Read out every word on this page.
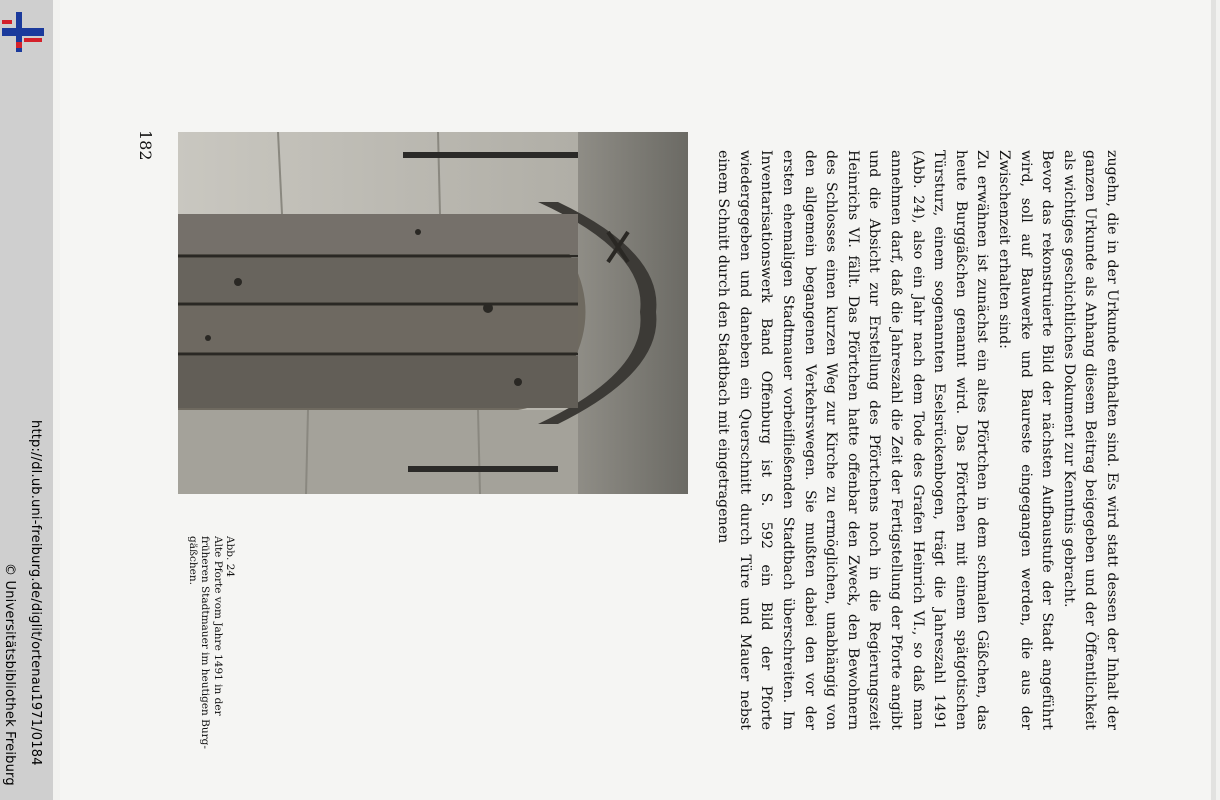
http://dl.ub.uni-freiburg.de/diglit/ortenau1971/0184
© Universitätsbibliothek Freiburg	zugehn, die in der Urkunde enthalten sind. Es wird statt dessen der Inhalt der ganzen Urkunde als Anhang diesem Beitrag beigegeben und der Öffentlichkeit als wichtiges geschichtliches Dokument zur Kenntnis gebracht.

Bevor das rekonstruierte Bild der nächsten Aufbaustufe der Stadt angeführt wird, soll auf Bauwerke und Baureste eingegangen werden, die aus der Zwischenzeit erhalten sind:

Zu erwähnen ist zunächst ein altes Pförtchen in dem schmalen Gäßchen, das heute Burggäßchen genannt wird. Das Pförtchen mit einem spätgotischen Türsturz, einem sogenannten Eselsrückenbogen, trägt die Jahreszahl 1491 (Abb. 24), also ein Jahr nach dem Tode des Grafen Heinrich VI., so daß man annehmen darf, daß die Jahreszahl die Zeit der Fertigstellung der Pforte angibt und die Absicht zur Erstellung des Pförtchens noch in die Regierungszeit Heinrichs VI. fällt. Das Pförtchen hatte offenbar den Zweck, den Bewohnern des Schlosses einen kurzen Weg zur Kirche zu ermöglichen, unabhängig von den allgemein begangenen Verkehrswegen. Sie mußten dabei den vor der ersten ehemaligen Stadtmauer vorbeifließenden Stadtbach überschreiten. Im Inventarisationswerk Band Offenburg ist S. 592 ein Bild der Pforte wiedergegeben und daneben ein Querschnitt durch Türe und Mauer nebst einem Schnitt durch den Stadtbach mit eingetragenen

182
Abb. 24
Alte Pforte vom Jahre 1491 in der
früheren Stadtmauer im heutigen Burg-
gäßchen.
